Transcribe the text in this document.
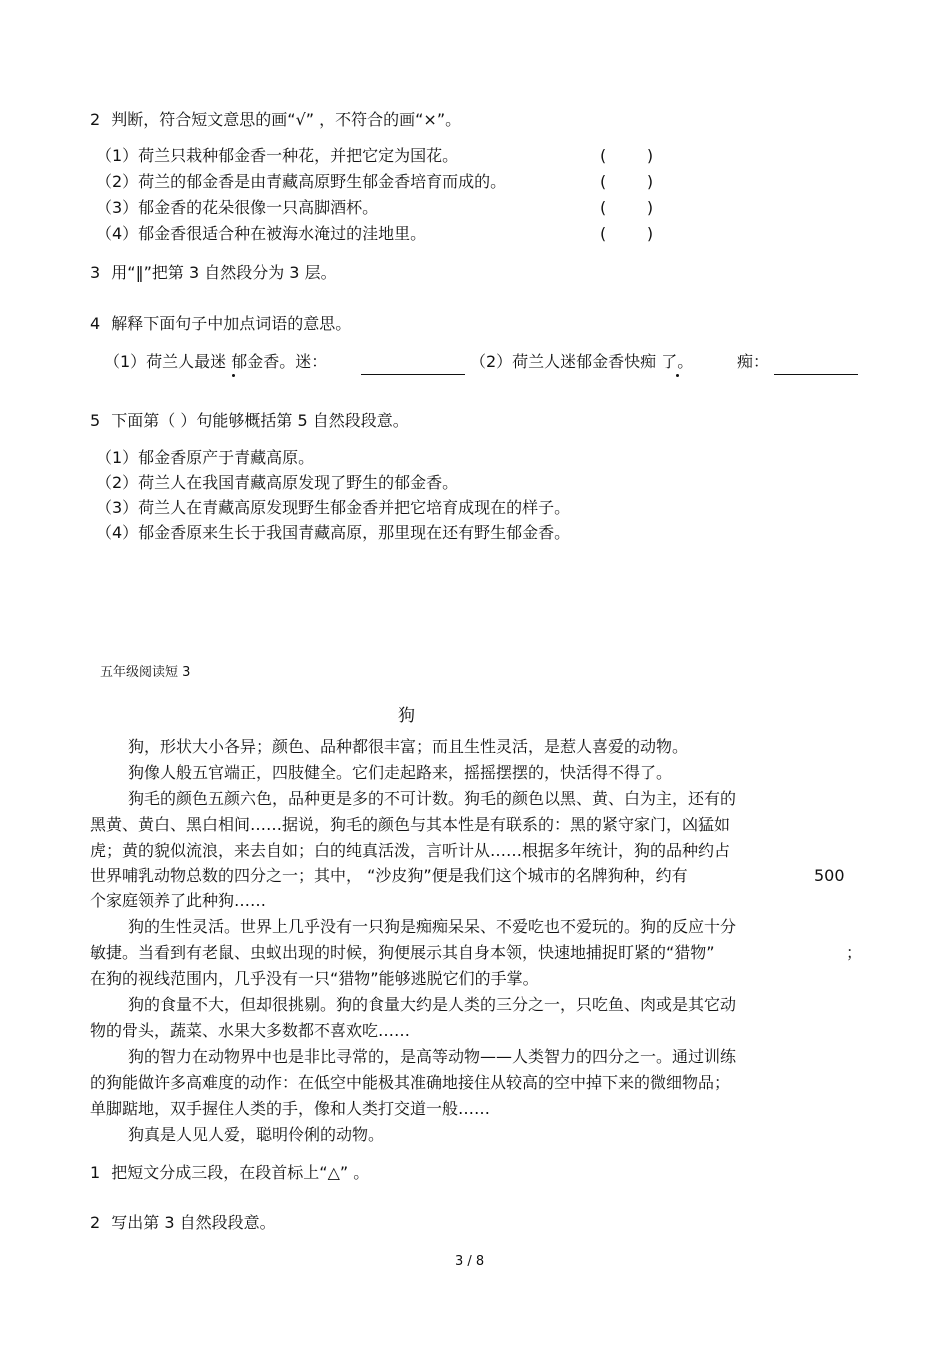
2 判断，符合短文意思的画“√” ，不符合的画“×”。
（1）荷兰只栽种郁金香一种花，并把它定为国花。	(        )
（2）荷兰的郁金香是由青藏高原野生郁金香培育而成的。	(        )
（3）郁金香的花朵很像一只高脚酒杯。	(        )
（4）郁金香很适合种在被海水淹过的洼地里。	(        )
3 用“‖”把第 3 自然段分为 3 层。
4 解释下面句子中加点词语的意思。
（1）荷兰人最迷 郁金香。迷：	（2）荷兰人迷郁金香快痴 了。	痴：
5 下面第（ ）句能够概括第 5 自然段段意。
（1）郁金香原产于青藏高原。
（2）荷兰人在我国青藏高原发现了野生的郁金香。
（3）荷兰人在青藏高原发现野生郁金香并把它培育成现在的样子。
（4）郁金香原来生长于我国青藏高原，那里现在还有野生郁金香。
五年级阅读短 3
狗
狗，形状大小各异；颜色、品种都很丰富；而且生性灵活，是惹人喜爱的动物。
狗像人般五官端正，四肢健全。它们走起路来，摇摇摆摆的，快活得不得了。
狗毛的颜色五颜六色，品种更是多的不可计数。狗毛的颜色以黑、黄、白为主，还有的
黑黄、黄白、黑白相间……据说，狗毛的颜色与其本性是有联系的：黑的紧守家门，凶猛如
虎；黄的貌似流浪，来去自如；白的纯真活泼，言听计从……根据多年统计，狗的品种约占
世界哺乳动物总数的四分之一；其中， “沙皮狗”便是我们这个城市的名牌狗种，约有	500
个家庭领养了此种狗……
狗的生性灵活。世界上几乎没有一只狗是痴痴呆呆、不爱吃也不爱玩的。狗的反应十分
敏捷。当看到有老鼠、虫蚁出现的时候，狗便展示其自身本领，快速地捕捉盯紧的“猎物”	；
在狗的视线范围内，几乎没有一只“猎物”能够逃脱它们的手掌。
狗的食量不大，但却很挑剔。狗的食量大约是人类的三分之一，只吃鱼、肉或是其它动
物的骨头，蔬菜、水果大多数都不喜欢吃……
狗的智力在动物界中也是非比寻常的，是高等动物——人类智力的四分之一。通过训练
的狗能做许多高难度的动作：在低空中能极其准确地接住从较高的空中掉下来的微细物品；
单脚踮地，双手握住人类的手，像和人类打交道一般……
狗真是人见人爱，聪明伶俐的动物。
1 把短文分成三段，在段首标上“△” 。
2 写出第 3 自然段段意。
3 / 8
